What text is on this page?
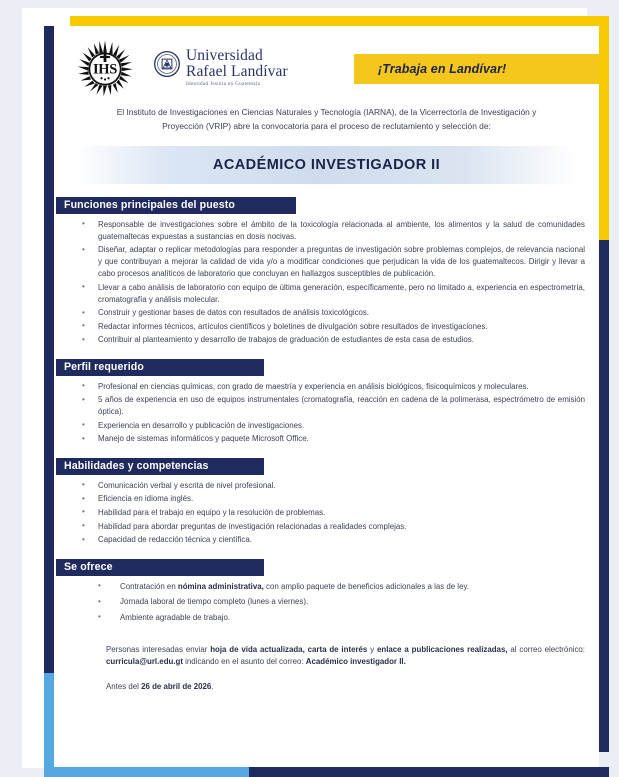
IHS
Universidad
Rafael Landívar
Identidad Jesuita en Guatemala
¡Trabaja en Landívar!
El Instituto de Investigaciones en Ciencias Naturales y Tecnología (IARNA), de la Vicerrectoría de Investigación y Proyección (VRIP) abre la convocatoria para el proceso de reclutamiento y selección de:
ACADÉMICO INVESTIGADOR II
Funciones principales del puesto
• Responsable de investigaciones sobre el ámbito de la toxicología relacionada al ambiente, los alimentos y la salud de comunidades guatemaltecas expuestas a sustancias en dosis nocivas.
• Diseñar, adaptar o replicar metodologías para responder a preguntas de investigación sobre problemas complejos, de relevancia nacional y que contribuyan a mejorar la calidad de vida y/o a modificar condiciones que perjudican la vida de los guatemaltecos. Dirigir y llevar a cabo procesos analíticos de laboratorio que concluyan en hallazgos susceptibles de publicación.
• Llevar a cabo análisis de laboratorio con equipo de última generación, específicamente, pero no limitado a, experiencia en espectrometría, cromatografía y análisis molecular.
• Construir y gestionar bases de datos con resultados de análisis toxicológicos.
• Redactar informes técnicos, artículos científicos y boletines de divulgación sobre resultados de investigaciones.
• Contribuir al planteamiento y desarrollo de trabajos de graduación de estudiantes de esta casa de estudios.
Perfil requerido
• Profesional en ciencias químicas, con grado de maestría y experiencia en análisis biológicos, fisicoquímicos y moleculares.
• 5 años de experiencia en uso de equipos instrumentales (cromatografía, reacción en cadena de la polimerasa, espectrómetro de emisión óptica).
• Experiencia en desarrollo y publicación de investigaciones.
• Manejo de sistemas informáticos y paquete Microsoft Office.
Habilidades y competencias
• Comunicación verbal y escrita de nivel profesional.
• Eficiencia en idioma inglés.
• Habilidad para el trabajo en equipo y la resolución de problemas.
• Habilidad para abordar preguntas de investigación relacionadas a realidades complejas.
• Capacidad de redacción técnica y científica.
Se ofrece
• Contratación en nómina administrativa, con amplio paquete de beneficios adicionales a las de ley.
• Jornada laboral de tiempo completo (lunes a viernes).
• Ambiente agradable de trabajo.
Personas interesadas enviar hoja de vida actualizada, carta de interés y enlace a publicaciones realizadas, al correo electrónico: curricula@url.edu.gt indicando en el asunto del correo: Académico investigador II.
Antes del 26 de abril de 2026.
